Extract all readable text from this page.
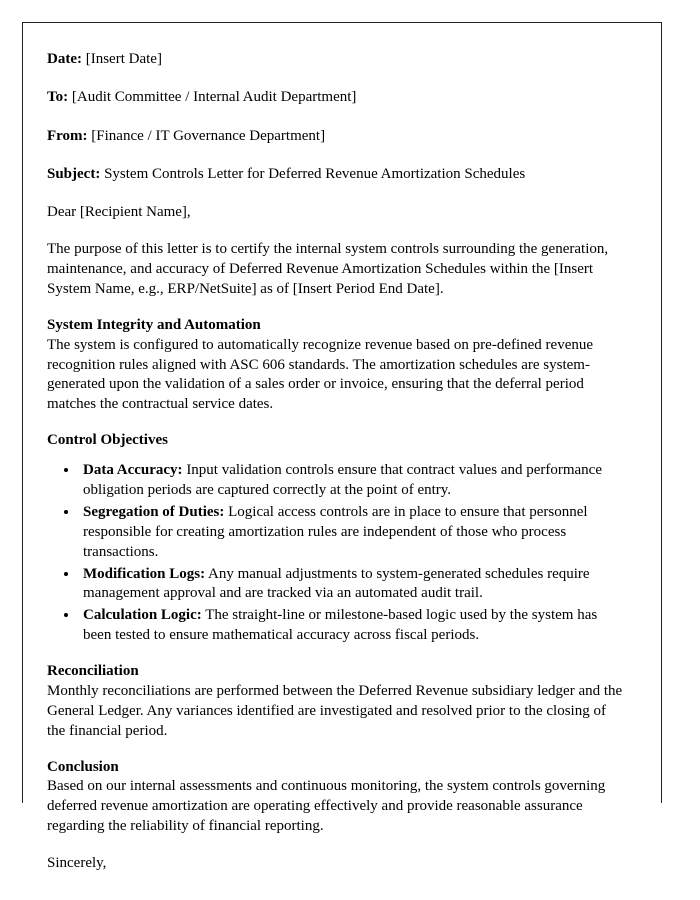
Date: [Insert Date]

To: [Audit Committee / Internal Audit Department]

From: [Finance / IT Governance Department]

Subject: System Controls Letter for Deferred Revenue Amortization Schedules

Dear [Recipient Name],

The purpose of this letter is to certify the internal system controls surrounding the generation, maintenance, and accuracy of Deferred Revenue Amortization Schedules within the [Insert System Name, e.g., ERP/NetSuite] as of [Insert Period End Date].

System Integrity and Automation

The system is configured to automatically recognize revenue based on pre-defined revenue recognition rules aligned with ASC 606 standards. The amortization schedules are system-generated upon the validation of a sales order or invoice, ensuring that the deferral period matches the contractual service dates.

Control Objectives

• Data Accuracy: Input validation controls ensure that contract values and performance obligation periods are captured correctly at the point of entry.
• Segregation of Duties: Logical access controls are in place to ensure that personnel responsible for creating amortization rules are independent of those who process transactions.
• Modification Logs: Any manual adjustments to system-generated schedules require management approval and are tracked via an automated audit trail.
• Calculation Logic: The straight-line or milestone-based logic used by the system has been tested to ensure mathematical accuracy across fiscal periods.

Reconciliation

Monthly reconciliations are performed between the Deferred Revenue subsidiary ledger and the General Ledger. Any variances identified are investigated and resolved prior to the closing of the financial period.

Conclusion

Based on our internal assessments and continuous monitoring, the system controls governing deferred revenue amortization are operating effectively and provide reasonable assurance regarding the reliability of financial reporting.

Sincerely,
